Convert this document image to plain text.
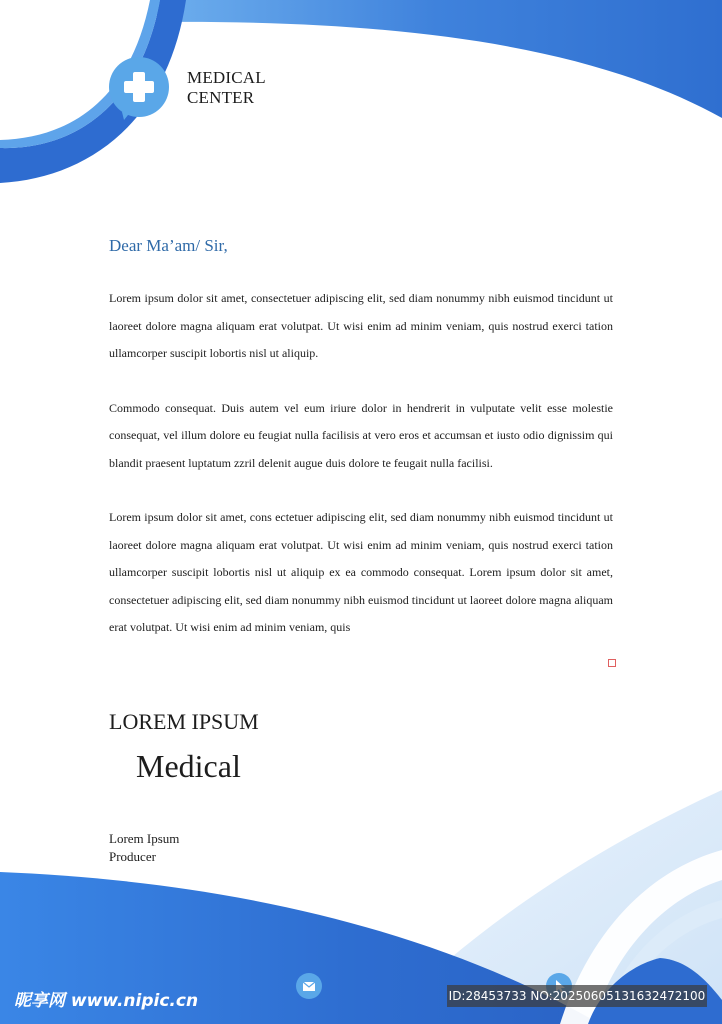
MEDICAL
CENTER
Dear Ma’am/ Sir,

Lorem ipsum dolor sit amet, consectetuer adipiscing elit, sed diam nonummy nibh euismod tincidunt ut laoreet dolore magna aliquam erat volutpat. Ut wisi enim ad minim veniam, quis nostrud exerci tation ullamcorper suscipit lobortis nisl ut aliquip.

Commodo consequat. Duis autem vel eum iriure dolor in hendrerit in vulputate velit esse molestie consequat, vel illum dolore eu feugiat nulla facilisis at vero eros et accumsan et iusto odio dignissim qui blandit praesent luptatum zzril delenit augue duis dolore te feugait nulla facilisi.

Lorem ipsum dolor sit amet, cons ectetuer adipiscing elit, sed diam nonummy nibh euismod tincidunt ut laoreet dolore magna aliquam erat volutpat. Ut wisi enim ad minim veniam, quis nostrud exerci tation ullamcorper suscipit lobortis nisl ut aliquip ex ea commodo consequat. Lorem ipsum dolor sit amet, consectetuer adipiscing elit, sed diam nonummy nibh euismod tincidunt ut laoreet dolore magna aliquam erat volutpat. Ut wisi enim ad minim veniam, quis

LOREM IPSUM
Medical
Lorem Ipsum
Producer
昵享网 www.nipic.cn	ID:28453733 NO:20250605131632472100
